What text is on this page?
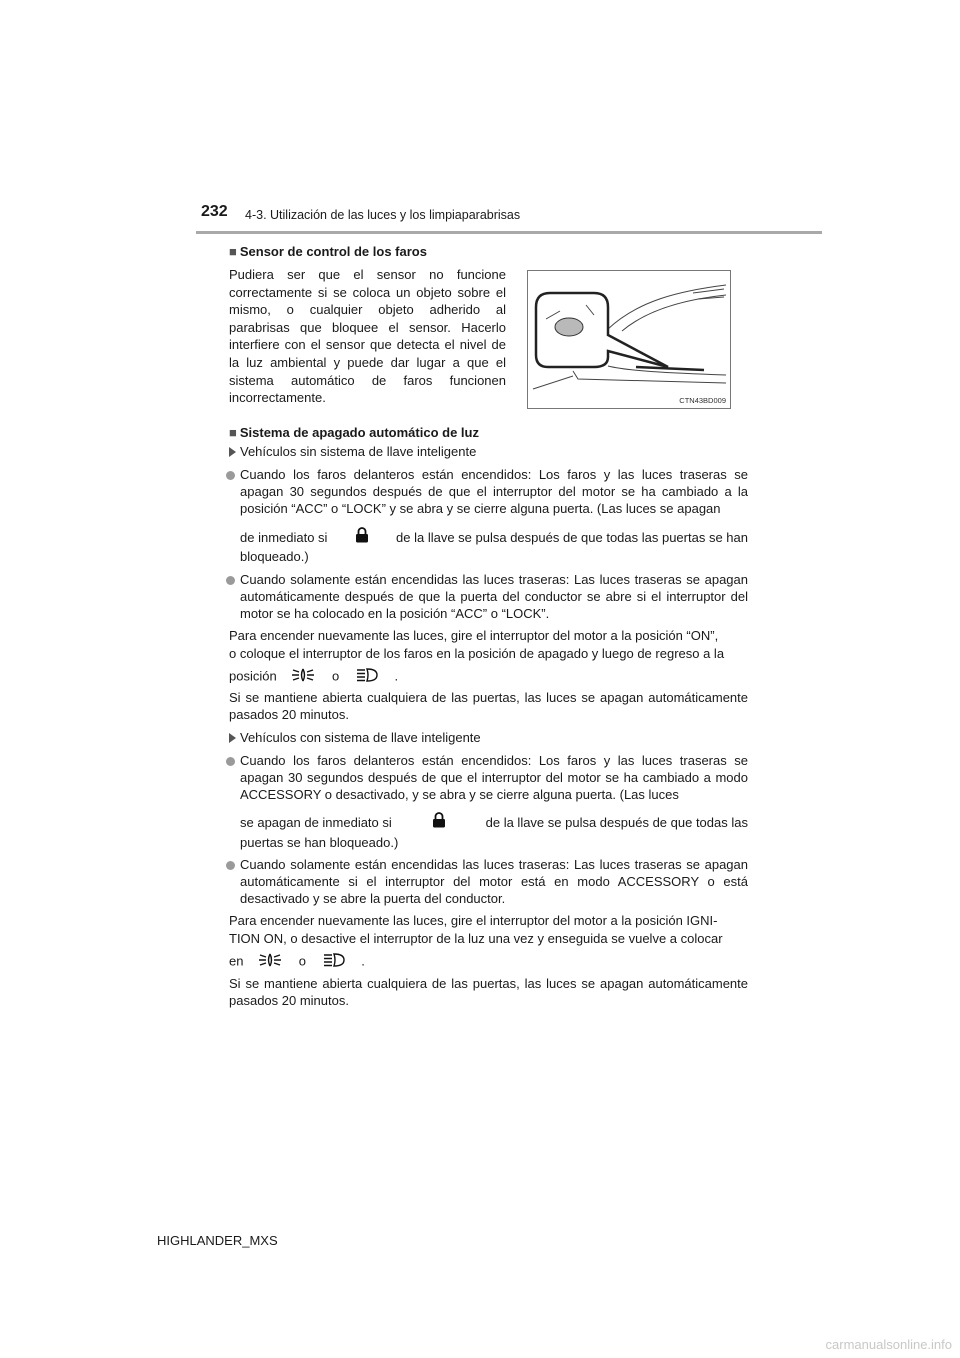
232 4-3. Utilización de las luces y los limpiaparabrisas
■ Sensor de control de los faros
Pudiera ser que el sensor no funcione correctamente si se coloca un objeto sobre el mismo, o cualquier objeto adherido al parabrisas que bloquee el sensor. Hacerlo interfiere con el sensor que detecta el nivel de la luz ambiental y puede dar lugar a que el sistema automático de faros funcionen incorrectamente.	CTN43BD009
■ Sistema de apagado automático de luz
Vehículos sin sistema de llave inteligente
Cuando los faros delanteros están encendidos: Los faros y las luces traseras se apagan 30 segundos después de que el interruptor del motor se ha cambiado a la posición “ACC” o “LOCK” y se abra y se cierre alguna puerta. (Las luces se apagan
de inmediato si	de la llave se pulsa después de que todas las puertas se han
bloqueado.)
Cuando solamente están encendidas las luces traseras: Las luces traseras se apagan automáticamente después de que la puerta del conductor se abre si el interruptor del motor se ha colocado en la posición “ACC” o “LOCK”.
Para encender nuevamente las luces, gire el interruptor del motor a la posición “ON”,
o coloque el interruptor de los faros en la posición de apagado y luego de regreso a la
posición	o	.
Si se mantiene abierta cualquiera de las puertas, las luces se apagan automáticamente pasados 20 minutos.
Vehículos con sistema de llave inteligente
Cuando los faros delanteros están encendidos: Los faros y las luces traseras se apagan 30 segundos después de que el interruptor del motor se ha cambiado a modo ACCESSORY o desactivado, y se abra y se cierre alguna puerta. (Las luces
se apagan de inmediato si	de la llave se pulsa después de que todas las
puertas se han bloqueado.)
Cuando solamente están encendidas las luces traseras: Las luces traseras se apagan automáticamente si el interruptor del motor está en modo ACCESSORY o está desactivado y se abre la puerta del conductor.
Para encender nuevamente las luces, gire el interruptor del motor a la posición IGNI-
TION ON, o desactive el interruptor de la luz una vez y enseguida se vuelve a colocar
en	o	.
Si se mantiene abierta cualquiera de las puertas, las luces se apagan automáticamente pasados 20 minutos.
HIGHLANDER_MXS
carmanualsonline.info
